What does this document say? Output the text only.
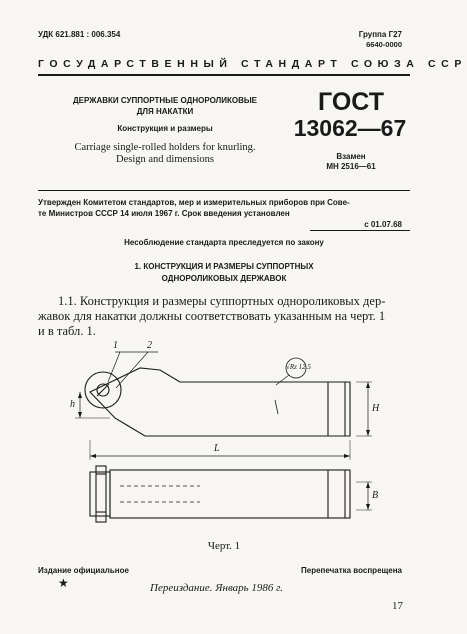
УДК 621.881 : 006.354	Группа Г27
6640-0000
ГОСУДАРСТВЕННЫЙ СТАНДАРТ СОЮЗА ССР
ДЕРЖАВКИ СУППОРТНЫЕ ОДНОРОЛИКОВЫЕ
ДЛЯ НАКАТКИ
Конструкция и размеры
Carriage single-rolled holders for knurling.
Design and dimensions
ГОСТ
13062—67
Взамен
МН 2516—61
Утвержден Комитетом стандартов, мер и измерительных приборов при Сове-
те Министров СССР 14 июля 1967 г. Срок введения установлен
с 01.07.68
Несоблюдение стандарта преследуется по закону
1. КОНСТРУКЦИЯ И РАЗМЕРЫ СУППОРТНЫХ
ОДНОРОЛИКОВЫХ ДЕРЖАВОК
1.1. Конструкция и размеры суппортных однороликовых дер-
жавок для накатки должны соответствовать указанным на черт. 1
и в табл. 1.
1	2
√Rz 12.5
h	H
L
B
Черт. 1
Издание официальное	Перепечатка воспрещена
★	Переиздание. Январь 1986 г.
17
